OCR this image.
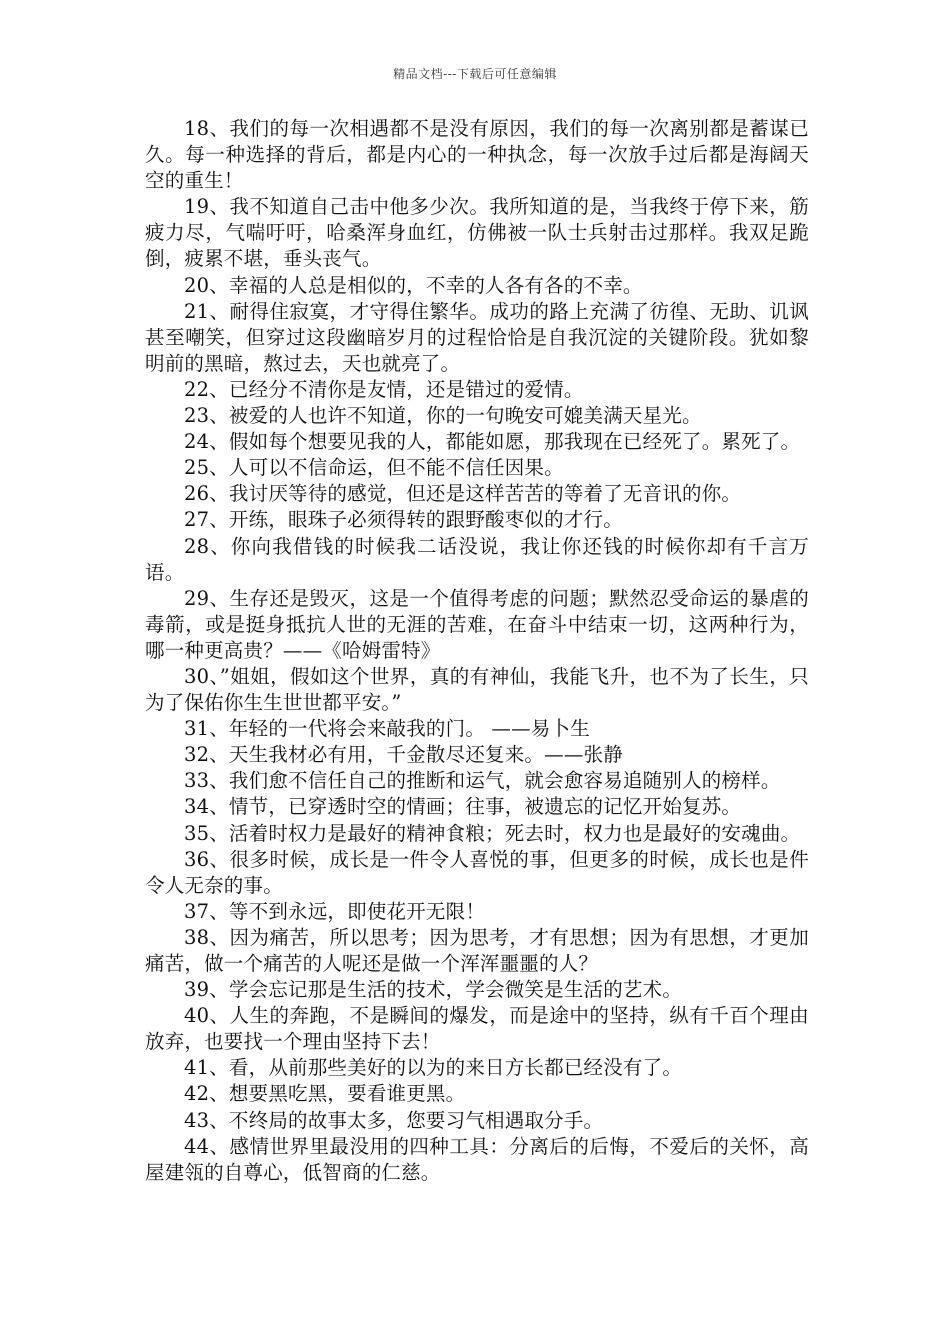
精品文档---下载后可任意编辑

18、我们的每一次相遇都不是没有原因，我们的每一次离别都是蓄谋已久。每一种选择的背后，都是内心的一种执念，每一次放手过后都是海阔天空的重生！

19、我不知道自己击中他多少次。我所知道的是，当我终于停下来，筋疲力尽，气喘吁吁，哈桑浑身血红，仿佛被一队士兵射击过那样。我双足跪倒，疲累不堪，垂头丧气。

20、幸福的人总是相似的，不幸的人各有各的不幸。

21、耐得住寂寞，才守得住繁华。成功的路上充满了彷徨、无助、讥讽甚至嘲笑，但穿过这段幽暗岁月的过程恰恰是自我沉淀的关键阶段。犹如黎明前的黑暗，熬过去，天也就亮了。

22、已经分不清你是友情，还是错过的爱情。

23、被爱的人也许不知道，你的一句晚安可媲美满天星光。

24、假如每个想要见我的人，都能如愿，那我现在已经死了。累死了。

25、人可以不信命运，但不能不信任因果。

26、我讨厌等待的感觉，但还是这样苦苦的等着了无音讯的你。

27、开练，眼珠子必须得转的跟野酸枣似的才行。

28、你向我借钱的时候我二话没说，我让你还钱的时候你却有千言万语。

29、生存还是毁灭，这是一个值得考虑的问题；默然忍受命运的暴虐的毒箭，或是挺身抵抗人世的无涯的苦难，在奋斗中结束一切，这两种行为，哪一种更高贵？——《哈姆雷特》

30、”姐姐，假如这个世界，真的有神仙，我能飞升，也不为了长生，只为了保佑你生生世世都平安。”

31、年轻的一代将会来敲我的门。 ——易卜生

32、天生我材必有用，千金散尽还复来。——张静

33、我们愈不信任自己的推断和运气，就会愈容易追随别人的榜样。

34、情节，已穿透时空的情画；往事，被遗忘的记忆开始复苏。

35、活着时权力是最好的精神食粮；死去时，权力也是最好的安魂曲。

36、很多时候，成长是一件令人喜悦的事，但更多的时候，成长也是件令人无奈的事。

37、等不到永远，即使花开无限！

38、因为痛苦，所以思考；因为思考，才有思想；因为有思想，才更加痛苦，做一个痛苦的人呢还是做一个浑浑噩噩的人？

39、学会忘记那是生活的技术，学会微笑是生活的艺术。

40、人生的奔跑，不是瞬间的爆发，而是途中的坚持，纵有千百个理由放弃，也要找一个理由坚持下去！

41、看，从前那些美好的以为的来日方长都已经没有了。

42、想要黑吃黑，要看谁更黑。

43、不终局的故事太多，您要习气相遇取分手。

44、感情世界里最没用的四种工具：分离后的后悔，不爱后的关怀，高屋建瓴的自尊心，低智商的仁慈。
